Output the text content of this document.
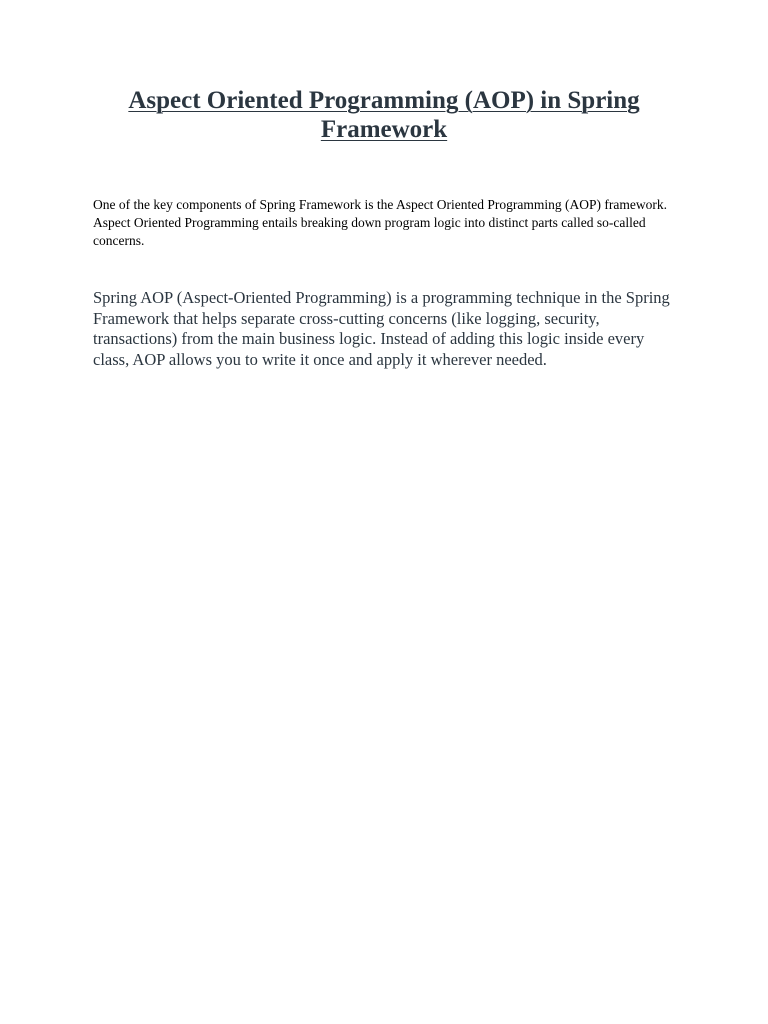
Aspect Oriented Programming (AOP) in Spring Framework

One of the key components of Spring Framework is the Aspect Oriented Programming (AOP) framework. Aspect Oriented Programming entails breaking down program logic into distinct parts called so-called concerns.

Spring AOP (Aspect-Oriented Programming) is a programming technique in the Spring Framework that helps separate cross-cutting concerns (like logging, security, transactions) from the main business logic. Instead of adding this logic inside every class, AOP allows you to write it once and apply it wherever needed.
